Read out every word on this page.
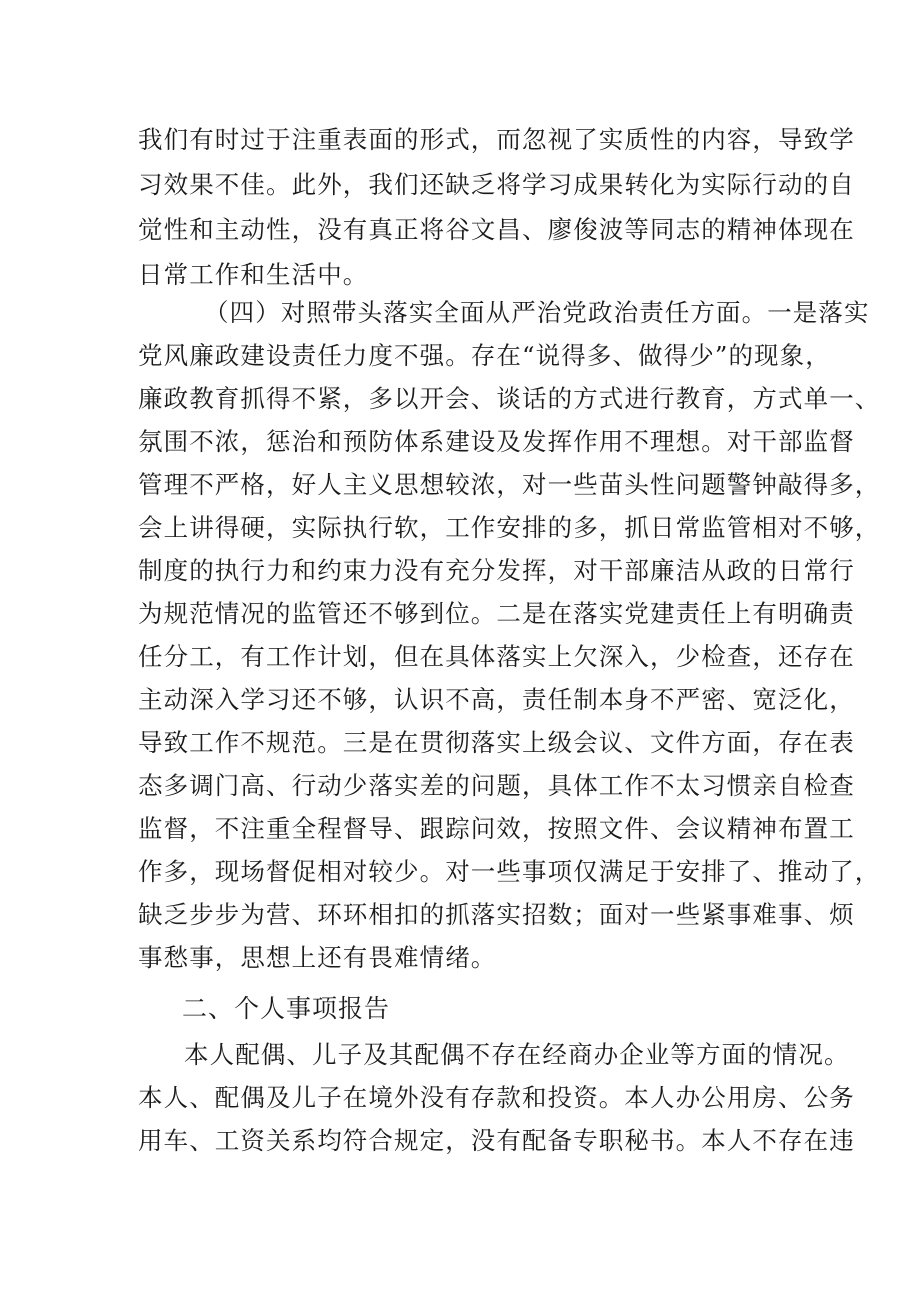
我们有时过于注重表面的形式，而忽视了实质性的内容，导致学
习效果不佳。此外，我们还缺乏将学习成果转化为实际行动的自
觉性和主动性，没有真正将谷文昌、廖俊波等同志的精神体现在
日常工作和生活中。
（四）对照带头落实全面从严治党政治责任方面。一是落实
党风廉政建设责任力度不强。存在“说得多、做得少”的现象，
廉政教育抓得不紧，多以开会、谈话的方式进行教育，方式单一、
氛围不浓，惩治和预防体系建设及发挥作用不理想。对干部监督
管理不严格，好人主义思想较浓，对一些苗头性问题警钟敲得多，
会上讲得硬，实际执行软，工作安排的多，抓日常监管相对不够，
制度的执行力和约束力没有充分发挥，对干部廉洁从政的日常行
为规范情况的监管还不够到位。二是在落实党建责任上有明确责
任分工，有工作计划，但在具体落实上欠深入，少检查，还存在
主动深入学习还不够，认识不高，责任制本身不严密、宽泛化，
导致工作不规范。三是在贯彻落实上级会议、文件方面，存在表
态多调门高、行动少落实差的问题，具体工作不太习惯亲自检查
监督，不注重全程督导、跟踪问效，按照文件、会议精神布置工
作多，现场督促相对较少。对一些事项仅满足于安排了、推动了，
缺乏步步为营、环环相扣的抓落实招数；面对一些紧事难事、烦
事愁事，思想上还有畏难情绪。
二、个人事项报告
本人配偶、儿子及其配偶不存在经商办企业等方面的情况。
本人、配偶及儿子在境外没有存款和投资。本人办公用房、公务
用车、工资关系均符合规定，没有配备专职秘书。本人不存在违
